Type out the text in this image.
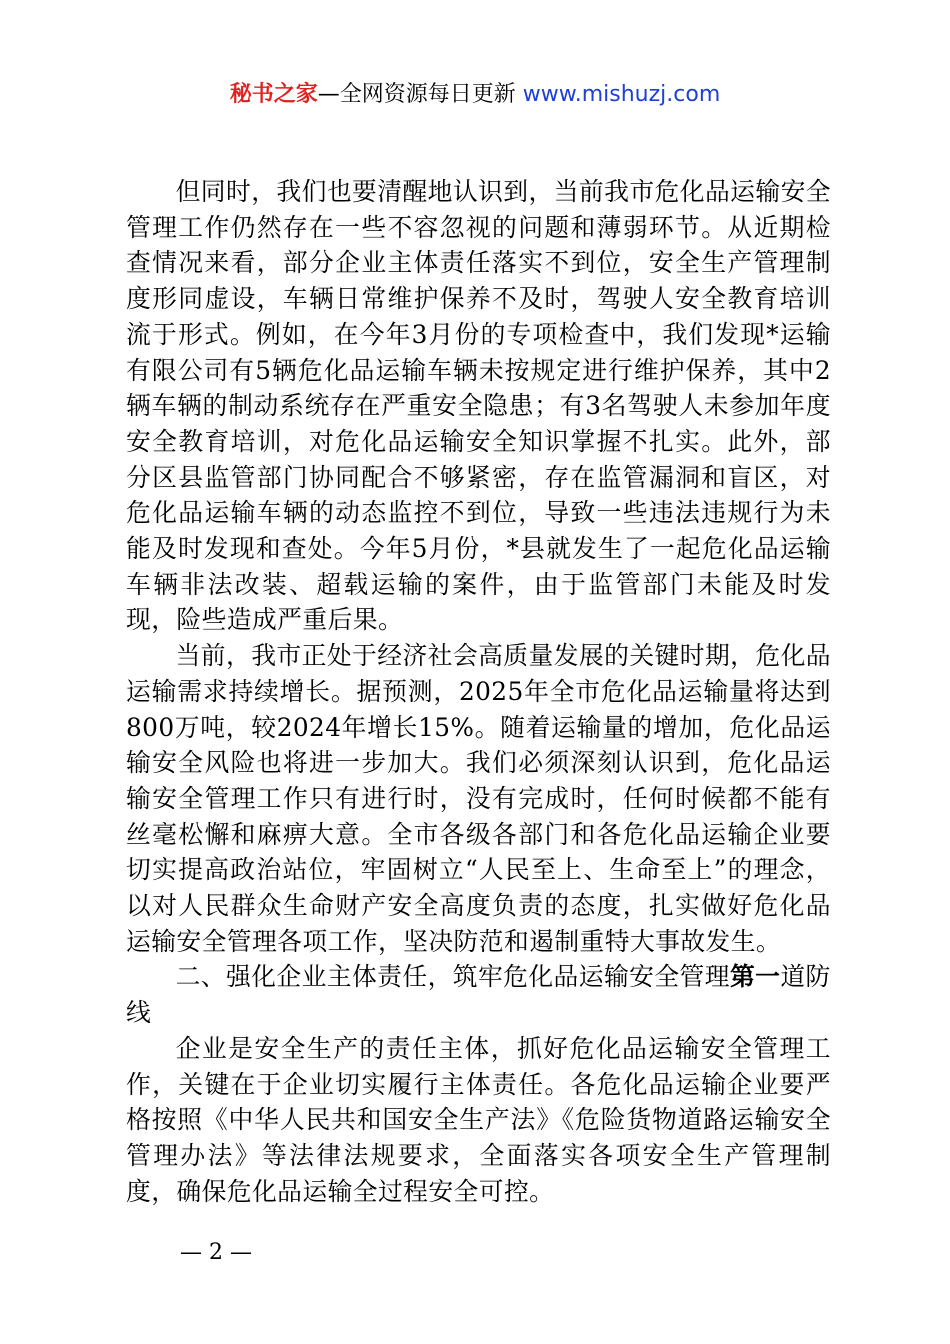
秘书之家—全网资源每日更新 www.mishuzj.com

但同时，我们也要清醒地认识到，当前我市危化品运输安全管理工作仍然存在一些不容忽视的问题和薄弱环节。从近期检查情况来看，部分企业主体责任落实不到位，安全生产管理制度形同虚设，车辆日常维护保养不及时，驾驶人安全教育培训流于形式。例如，在今年3月份的专项检查中，我们发现*运输有限公司有5辆危化品运输车辆未按规定进行维护保养，其中2辆车辆的制动系统存在严重安全隐患；有3名驾驶人未参加年度安全教育培训，对危化品运输安全知识掌握不扎实。此外，部分区县监管部门协同配合不够紧密，存在监管漏洞和盲区，对危化品运输车辆的动态监控不到位，导致一些违法违规行为未能及时发现和查处。今年5月份，*县就发生了一起危化品运输车辆非法改装、超载运输的案件，由于监管部门未能及时发现，险些造成严重后果。

当前，我市正处于经济社会高质量发展的关键时期，危化品运输需求持续增长。据预测，2025年全市危化品运输量将达到800万吨，较2024年增长15%。随着运输量的增加，危化品运输安全风险也将进一步加大。我们必须深刻认识到，危化品运输安全管理工作只有进行时，没有完成时，任何时候都不能有丝毫松懈和麻痹大意。全市各级各部门和各危化品运输企业要切实提高政治站位，牢固树立“人民至上、生命至上”的理念，以对人民群众生命财产安全高度负责的态度，扎实做好危化品运输安全管理各项工作，坚决防范和遏制重特大事故发生。

二、强化企业主体责任，筑牢危化品运输安全管理第一道防线

企业是安全生产的责任主体，抓好危化品运输安全管理工作，关键在于企业切实履行主体责任。各危化品运输企业要严格按照《中华人民共和国安全生产法》《危险货物道路运输安全管理办法》等法律法规要求，全面落实各项安全生产管理制度，确保危化品运输全过程安全可控。

— 2 —
